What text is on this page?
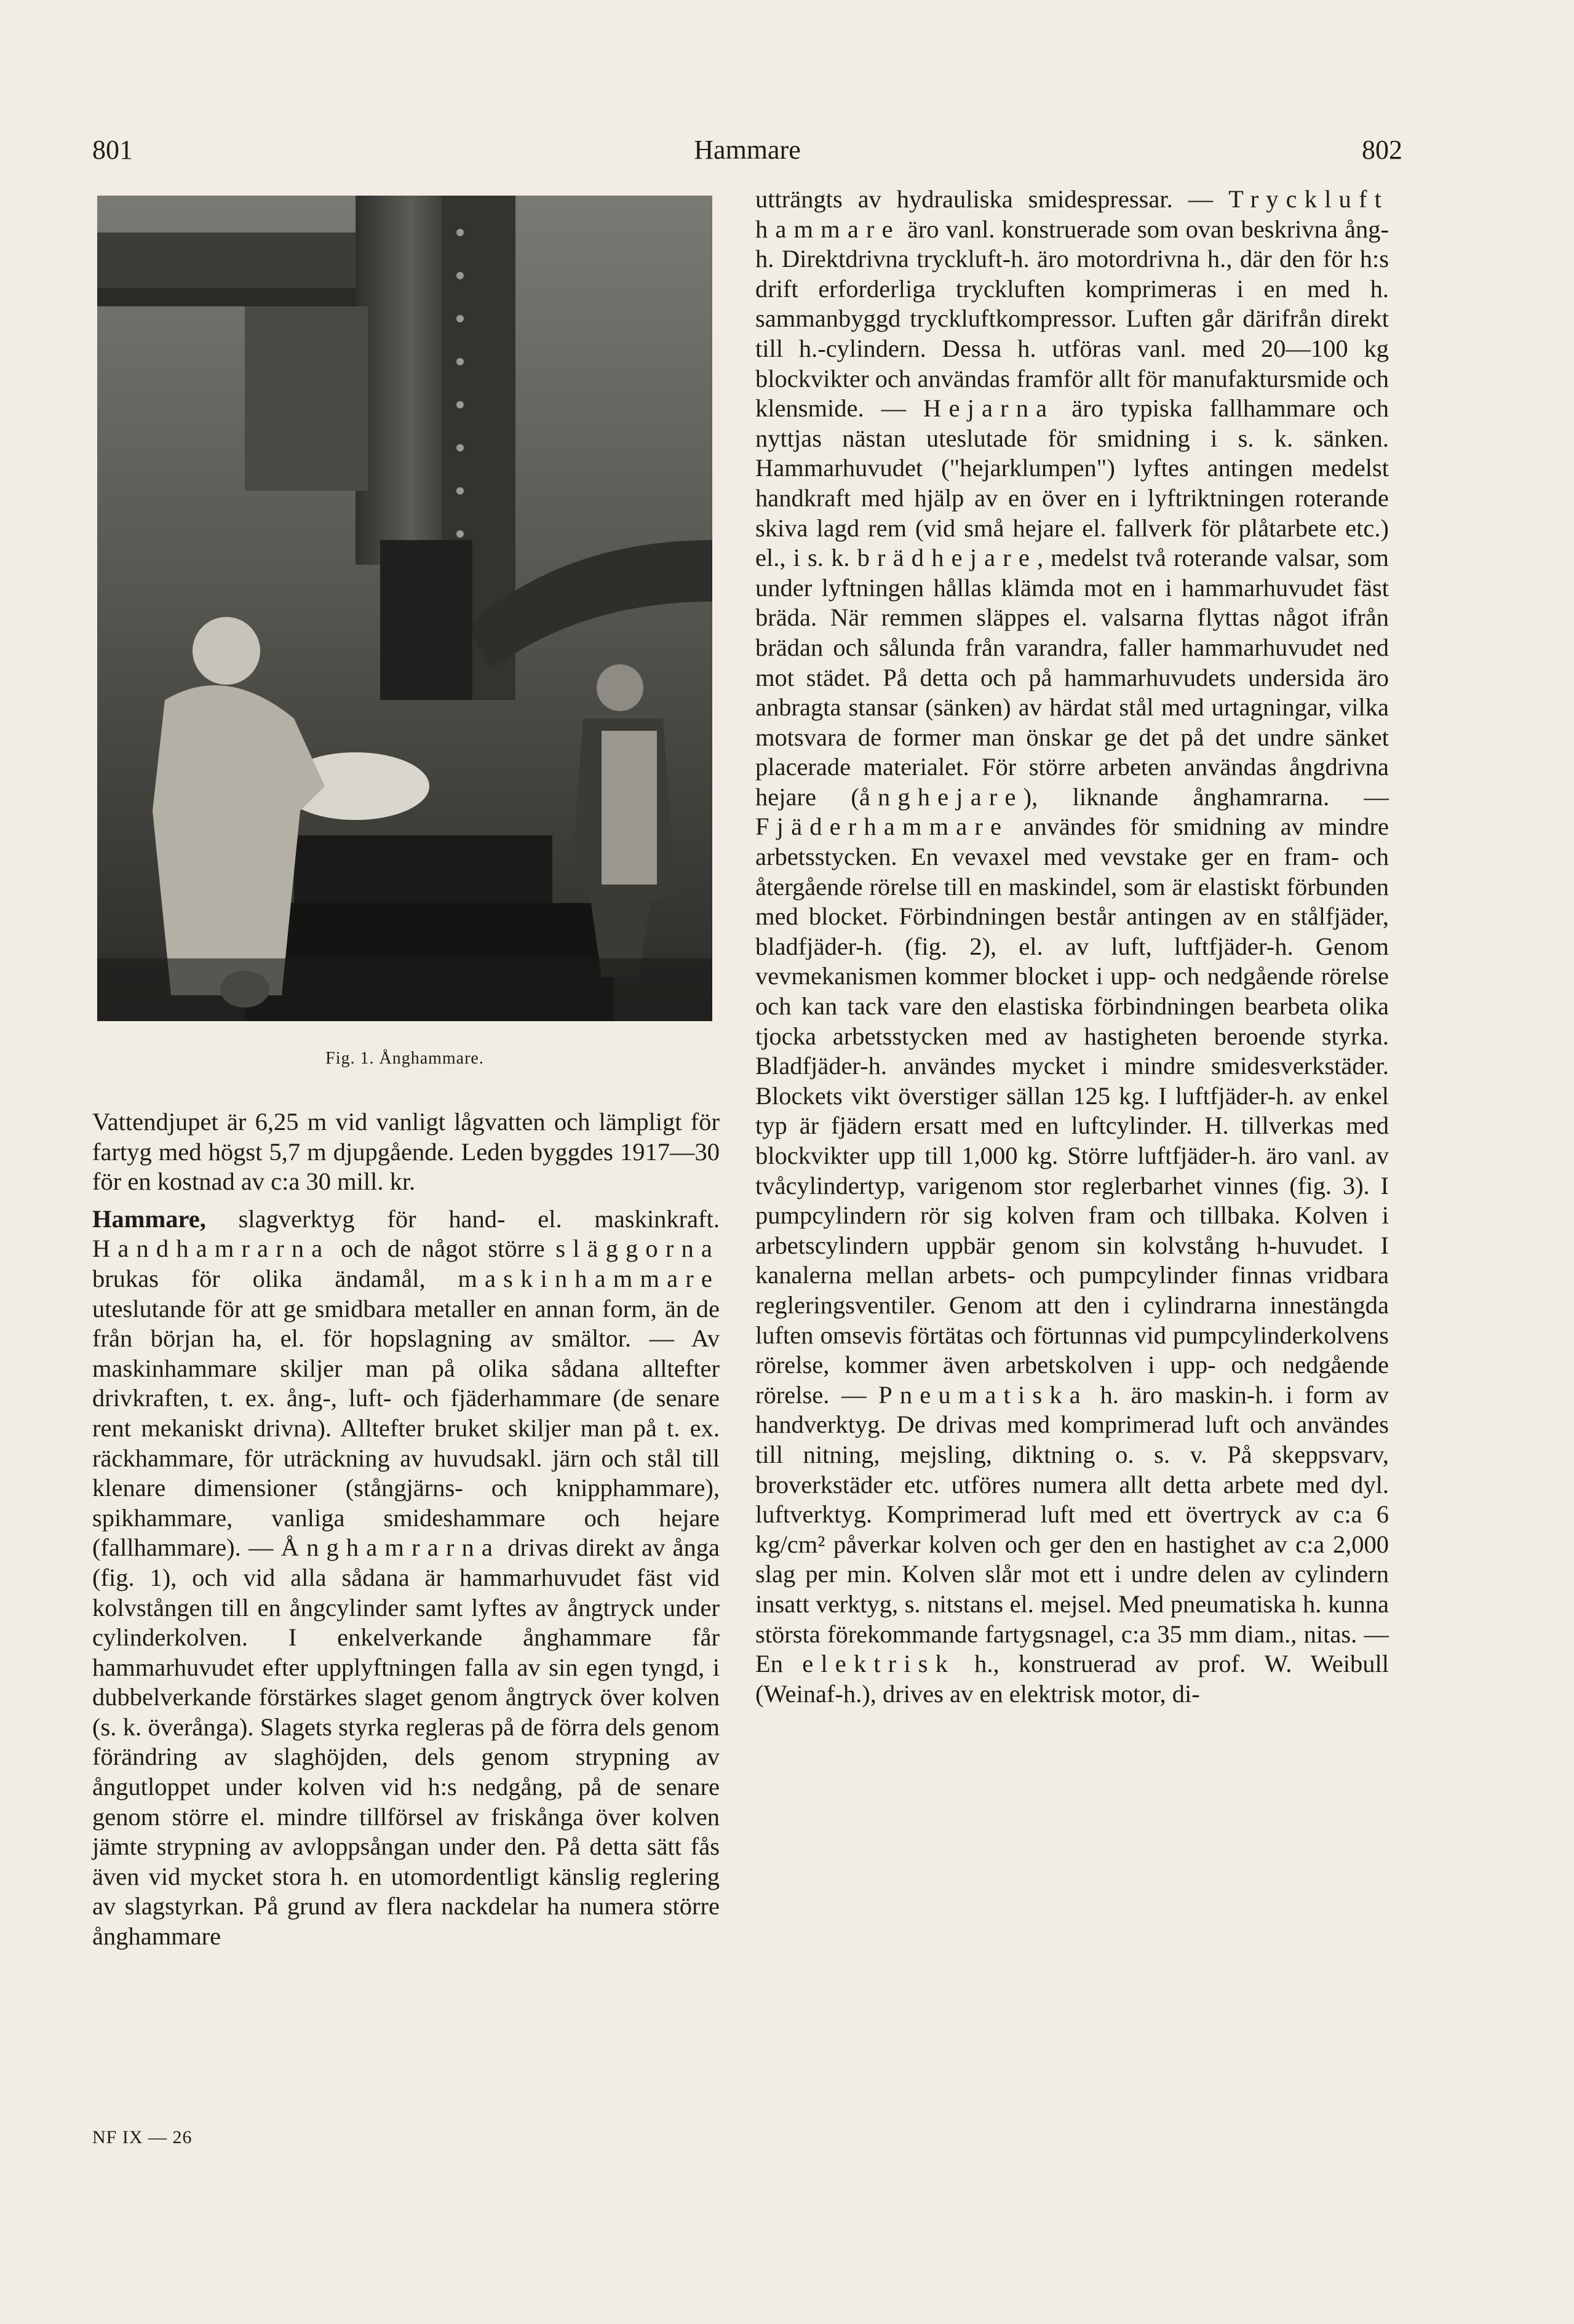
801	Hammare	802
Fig. 1. Ånghammare.

Vattendjupet är 6,25 m vid vanligt lågvatten och lämpligt för fartyg med högst 5,7 m djupgående. Leden byggdes 1917—30 för en kostnad av c:a 30 mill. kr.

Hammare, slagverktyg för hand- el. maskinkraft. Handhamrarna och de något större släggorna brukas för olika ändamål, maskinhammare uteslutande för att ge smidbara metaller en annan form, än de från början ha, el. för hopslagning av smältor. — Av maskinhammare skiljer man på olika sådana alltefter drivkraften, t. ex. ång-, luft- och fjäderhammare (de senare rent mekaniskt drivna). Alltefter bruket skiljer man på t. ex. räckhammare, för uträckning av huvudsakl. järn och stål till klenare dimensioner (stångjärns- och knipphammare), spikhammare, vanliga smideshammare och hejare (fallhammare). — Ånghamrarna drivas direkt av ånga (fig. 1), och vid alla sådana är hammarhuvudet fäst vid kolvstången till en ångcylinder samt lyftes av ångtryck under cylinderkolven. I enkelverkande ånghammare får hammarhuvudet efter upplyftningen falla av sin egen tyngd, i dubbelverkande förstärkes slaget genom ångtryck över kolven (s. k. överånga). Slagets styrka regleras på de förra dels genom förändring av slaghöjden, dels genom strypning av ångutloppet under kolven vid h:s nedgång, på de senare genom större el. mindre tillförsel av friskånga över kolven jämte strypning av avloppsångan under den. På detta sätt fås även vid mycket stora h. en utomordentligt känslig reglering av slagstyrkan. På grund av flera nackdelar ha numera större ånghammare

utträngts av hydrauliska smidespressar. — Tryckluft hammare äro vanl. konstruerade som ovan beskrivna ång-h. Direktdrivna tryckluft-h. äro motordrivna h., där den för h:s drift erforderliga tryckluften komprimeras i en med h. sammanbyggd tryckluftkompressor. Luften går därifrån direkt till h.-cylindern. Dessa h. utföras vanl. med 20—100 kg blockvikter och användas framför allt för manufaktursmide och klensmide. — Hejarna äro typiska fallhammare och nyttjas nästan uteslutade för smidning i s. k. sänken. Hammarhuvudet ("hejarklumpen") lyftes antingen medelst handkraft med hjälp av en över en i lyftriktningen roterande skiva lagd rem (vid små hejare el. fallverk för plåtarbete etc.) el., i s. k. brädhejare, medelst två roterande valsar, som under lyftningen hållas klämda mot en i hammarhuvudet fäst bräda. När remmen släppes el. valsarna flyttas något ifrån brädan och sålunda från varandra, faller hammarhuvudet ned mot städet. På detta och på hammarhuvudets undersida äro anbragta stansar (sänken) av härdat stål med urtagningar, vilka motsvara de former man önskar ge det på det undre sänket placerade materialet. För större arbeten användas ångdrivna hejare (ånghejare), liknande ånghamrarna. — Fjäderhammare användes för smidning av mindre arbetsstycken. En vevaxel med vevstake ger en fram- och återgående rörelse till en maskindel, som är elastiskt förbunden med blocket. Förbindningen består antingen av en stålfjäder, bladfjäder-h. (fig. 2), el. av luft, luftfjäder-h. Genom vevmekanismen kommer blocket i upp- och nedgående rörelse och kan tack vare den elastiska förbindningen bearbeta olika tjocka arbetsstycken med av hastigheten beroende styrka. Bladfjäder-h. användes mycket i mindre smidesverkstäder. Blockets vikt överstiger sällan 125 kg. I luftfjäder-h. av enkel typ är fjädern ersatt med en luftcylinder. H. tillverkas med blockvikter upp till 1,000 kg. Större luftfjäder-h. äro vanl. av tvåcylindertyp, varigenom stor reglerbarhet vinnes (fig. 3). I pumpcylindern rör sig kolven fram och tillbaka. Kolven i arbetscylindern uppbär genom sin kolvstång h-huvudet. I kanalerna mellan arbets- och pumpcylinder finnas vridbara regleringsventiler. Genom att den i cylindrarna innestängda luften omsevis förtätas och förtunnas vid pumpcylinderkolvens rörelse, kommer även arbetskolven i upp- och nedgående rörelse. — Pneumatiska h. äro maskin-h. i form av handverktyg. De drivas med komprimerad luft och användes till nitning, mejsling, diktning o. s. v. På skeppsvarv, broverkstäder etc. utföres numera allt detta arbete med dyl. luftverktyg. Komprimerad luft med ett övertryck av c:a 6 kg/cm² påverkar kolven och ger den en hastighet av c:a 2,000 slag per min. Kolven slår mot ett i undre delen av cylindern insatt verktyg, s. nitstans el. mejsel. Med pneumatiska h. kunna största förekommande fartygsnagel, c:a 35 mm diam., nitas. — En elektrisk h., konstruerad av prof. W. Weibull (Weinaf-h.), drives av en elektrisk motor, di-

NF IX — 26
